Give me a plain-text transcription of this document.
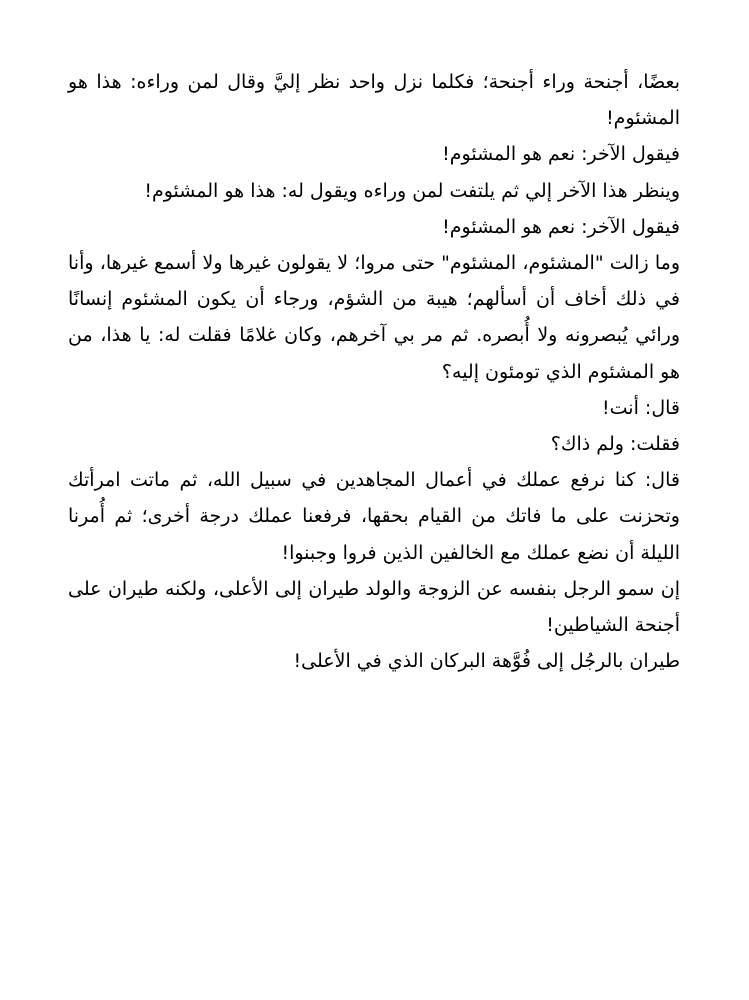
بعضًا، أجنحة وراء أجنحة؛ فكلما نزل واحد نظر إليَّ وقال لمن وراءه: هذا هو المشئوم!

فيقول الآخر: نعم هو المشئوم!

وينظر هذا الآخر إلي ثم يلتفت لمن وراءه ويقول له: هذا هو المشئوم!

فيقول الآخر: نعم هو المشئوم!

وما زالت "المشئوم، المشئوم" حتى مروا؛ لا يقولون غيرها ولا أسمع غيرها، وأنا في ذلك أخاف أن أسألهم؛ هيبة من الشؤم، ورجاء أن يكون المشئوم إنسانًا ورائي يُبصرونه ولا أُبصره. ثم مر بي آخرهم، وكان غلامًا فقلت له: يا هذا، من هو المشئوم الذي تومئون إليه؟

قال: أنت!

فقلت: ولم ذاك؟

قال: كنا نرفع عملك في أعمال المجاهدين في سبيل الله، ثم ماتت امرأتك وتحزنت على ما فاتك من القيام بحقها، فرفعنا عملك درجة أخرى؛ ثم أُمرنا الليلة أن نضع عملك مع الخالفين الذين فروا وجبنوا!

إن سمو الرجل بنفسه عن الزوجة والولد طيران إلى الأعلى، ولكنه طيران على أجنحة الشياطين!

طيران بالرجُل إلى فُوَّهة البركان الذي في الأعلى!
